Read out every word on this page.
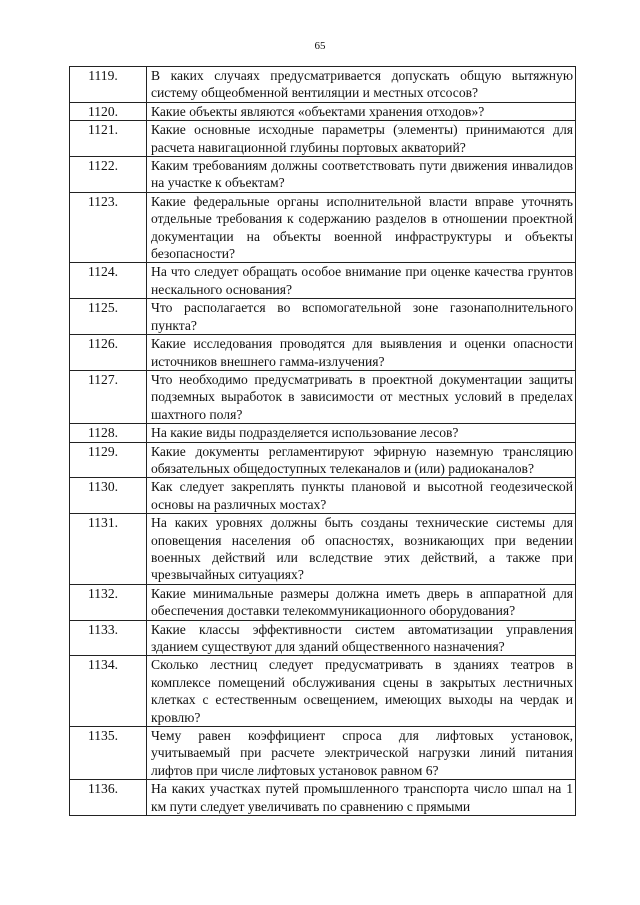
65
1119.	В каких случаях предусматривается допускать общую вытяжную систему общеобменной вентиляции и местных отсосов?
1120.	Какие объекты являются «объектами хранения отходов»?
1121.	Какие основные исходные параметры (элементы) принимаются для расчета навигационной глубины портовых акваторий?
1122.	Каким требованиям должны соответствовать пути движения инвалидов на участке к объектам?
1123.	Какие федеральные органы исполнительной власти вправе уточнять отдельные требования к содержанию разделов в отношении проектной документации на объекты военной инфраструктуры и объекты безопасности?
1124.	На что следует обращать особое внимание при оценке качества грунтов нескального основания?
1125.	Что располагается во вспомогательной зоне газонаполнительного пункта?
1126.	Какие исследования проводятся для выявления и оценки опасности источников внешнего гамма-излучения?
1127.	Что необходимо предусматривать в проектной документации защиты подземных выработок в зависимости от местных условий в пределах шахтного поля?
1128.	На какие виды подразделяется использование лесов?
1129.	Какие документы регламентируют эфирную наземную трансляцию обязательных общедоступных телеканалов и (или) радиоканалов?
1130.	Как следует закреплять пункты плановой и высотной геодезической основы на различных мостах?
1131.	На каких уровнях должны быть созданы технические системы для оповещения населения об опасностях, возникающих при ведении военных действий или вследствие этих действий, а также при чрезвычайных ситуациях?
1132.	Какие минимальные размеры должна иметь дверь в аппаратной для обеспечения доставки телекоммуникационного оборудования?
1133.	Какие классы эффективности систем автоматизации управления зданием существуют для зданий общественного назначения?
1134.	Сколько лестниц следует предусматривать в зданиях театров в комплексе помещений обслуживания сцены в закрытых лестничных клетках с естественным освещением, имеющих выходы на чердак и кровлю?
1135.	Чему равен коэффициент спроса для лифтовых установок, учитываемый при расчете электрической нагрузки линий питания лифтов при числе лифтовых установок равном 6?
1136.	На каких участках путей промышленного транспорта число шпал на 1 км пути следует увеличивать по сравнению с прямыми
